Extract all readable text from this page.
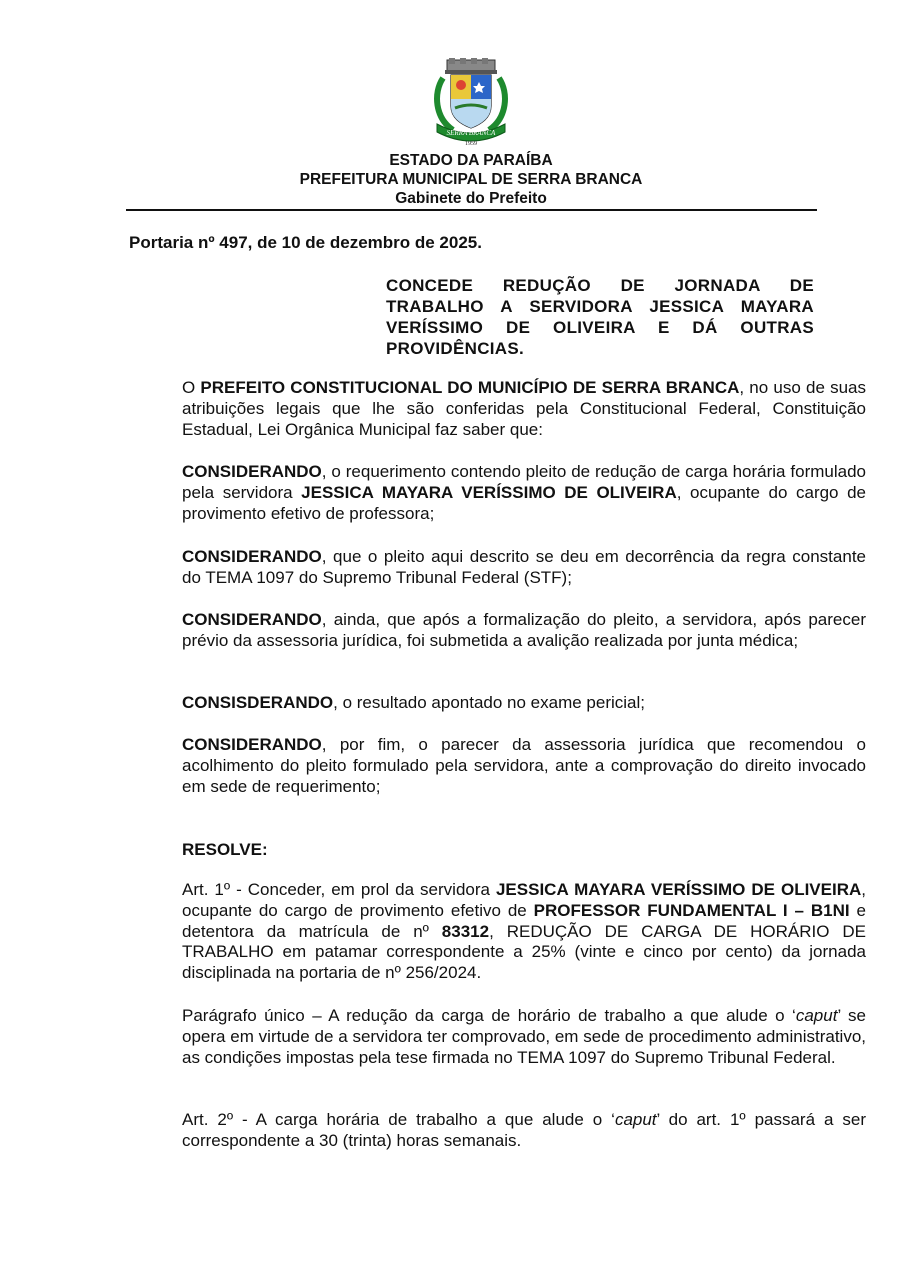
SERRA BRANCA
1959
ESTADO DA PARAÍBA
PREFEITURA MUNICIPAL DE SERRA BRANCA
Gabinete do Prefeito
Portaria nº 497, de 10 de dezembro de 2025.
CONCEDE REDUÇÃO DE JORNADA DE TRABALHO A SERVIDORA JESSICA MAYARA VERÍSSIMO DE OLIVEIRA E DÁ OUTRAS PROVIDÊNCIAS.
O PREFEITO CONSTITUCIONAL DO MUNICÍPIO DE SERRA BRANCA, no uso de suas atribuições legais que lhe são conferidas pela Constitucional Federal, Constituição Estadual, Lei Orgânica Municipal faz saber que:
CONSIDERANDO, o requerimento contendo pleito de redução de carga horária formulado pela servidora JESSICA MAYARA VERÍSSIMO DE OLIVEIRA, ocupante do cargo de provimento efetivo de professora;
CONSIDERANDO, que o pleito aqui descrito se deu em decorrência da regra constante do TEMA 1097 do Supremo Tribunal Federal (STF);
CONSIDERANDO, ainda, que após a formalização do pleito, a servidora, após parecer prévio da assessoria jurídica, foi submetida a avalição realizada por junta médica;
CONSISDERANDO, o resultado apontado no exame pericial;
CONSIDERANDO, por fim, o parecer da assessoria jurídica que recomendou o acolhimento do pleito formulado pela servidora, ante a comprovação do direito invocado em sede de requerimento;
RESOLVE:
Art. 1º - Conceder, em prol da servidora JESSICA MAYARA VERÍSSIMO DE OLIVEIRA, ocupante do cargo de provimento efetivo de PROFESSOR FUNDAMENTAL I – B1NI e detentora da matrícula de nº 83312, REDUÇÃO DE CARGA DE HORÁRIO DE TRABALHO em patamar correspondente a 25% (vinte e cinco por cento) da jornada disciplinada na portaria de nº 256/2024.
Parágrafo único – A redução da carga de horário de trabalho a que alude o ‘caput’ se opera em virtude de a servidora ter comprovado, em sede de procedimento administrativo, as condições impostas pela tese firmada no TEMA 1097 do Supremo Tribunal Federal.
Art. 2º - A carga horária de trabalho a que alude o ‘caput’ do art. 1º passará a ser correspondente a 30 (trinta) horas semanais.
